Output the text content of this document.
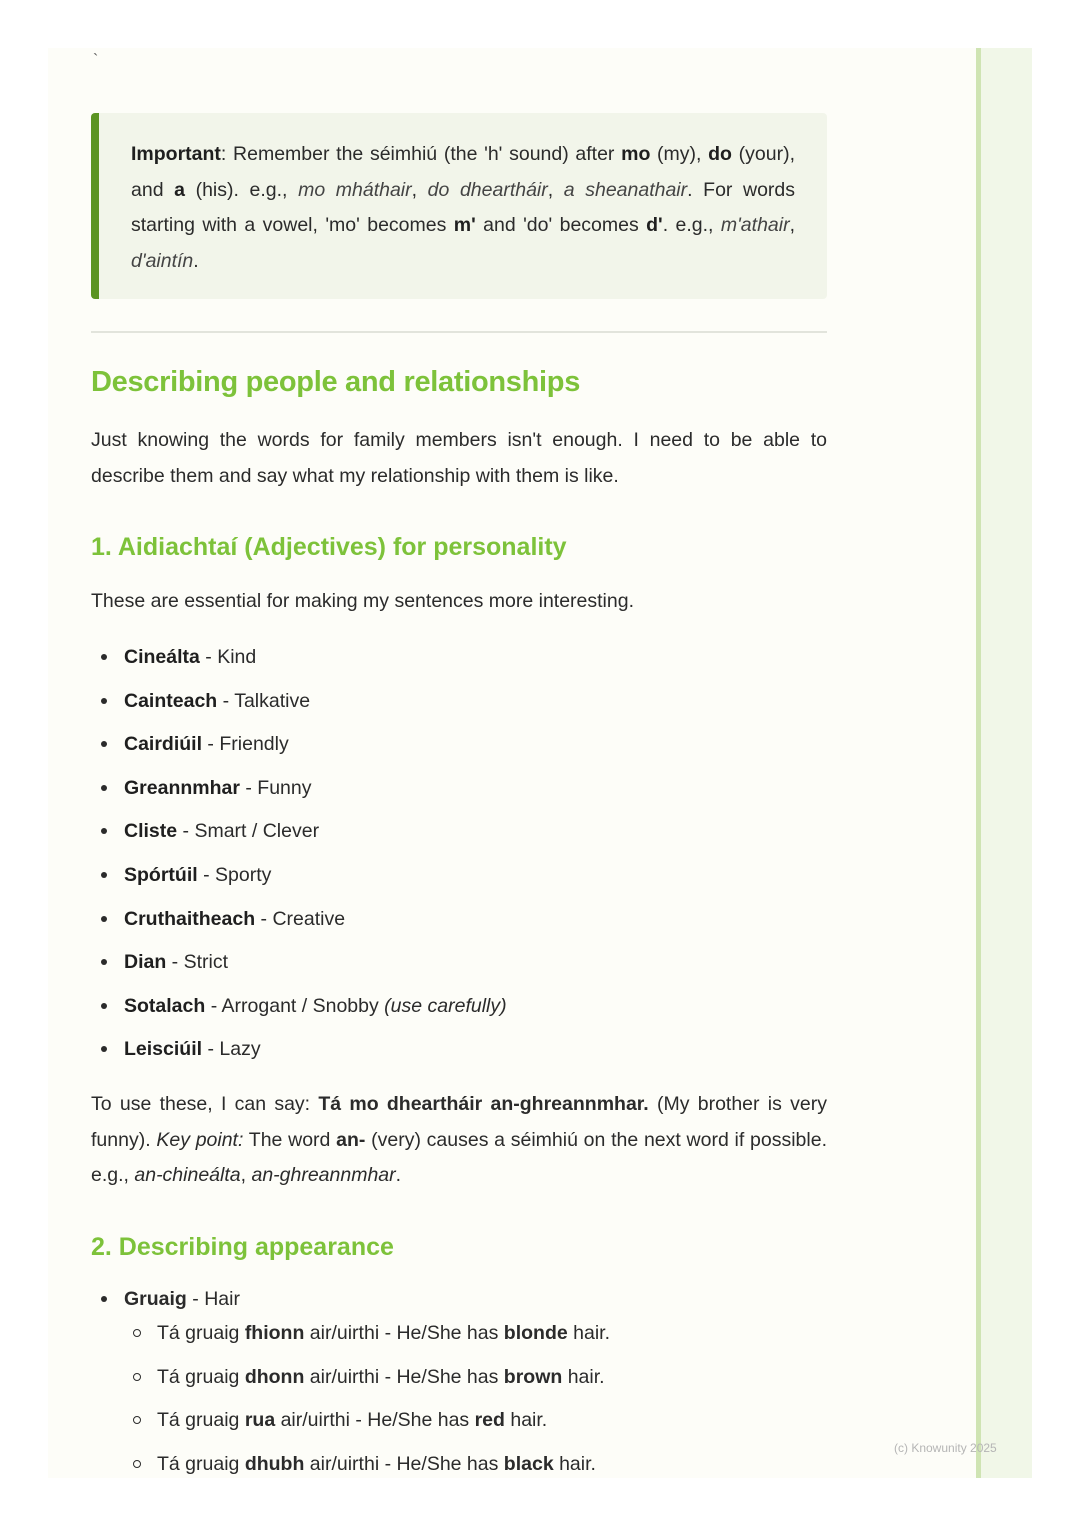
`
Important: Remember the séimhiú (the 'h' sound) after mo (my), do (your), and a (his). e.g., mo mháthair, do dheartháir, a sheanathair. For words starting with a vowel, 'mo' becomes m' and 'do' becomes d'. e.g., m'athair, d'aintín.
Describing people and relationships

Just knowing the words for family members isn't enough. I need to be able to describe them and say what my relationship with them is like.

1. Aidiachtaí (Adjectives) for personality

These are essential for making my sentences more interesting.

Cineálta - Kind
Cainteach - Talkative
Cairdiúil - Friendly
Greannmhar - Funny
Cliste - Smart / Clever
Spórtúil - Sporty
Cruthaitheach - Creative
Dian - Strict
Sotalach - Arrogant / Snobby (use carefully)
Leisciúil - Lazy

To use these, I can say: Tá mo dheartháir an-ghreannmhar. (My brother is very funny). Key point: The word an- (very) causes a séimhiú on the next word if possible. e.g., an-chineálta, an-ghreannmhar.

2. Describing appearance
Gruaig - Hair
Tá gruaig fhionn air/uirthi - He/She has blonde hair.
Tá gruaig dhonn air/uirthi - He/She has brown hair.
Tá gruaig rua air/uirthi - He/She has red hair.
Tá gruaig dhubh air/uirthi - He/She has black hair.
(c) Knowunity 2025
